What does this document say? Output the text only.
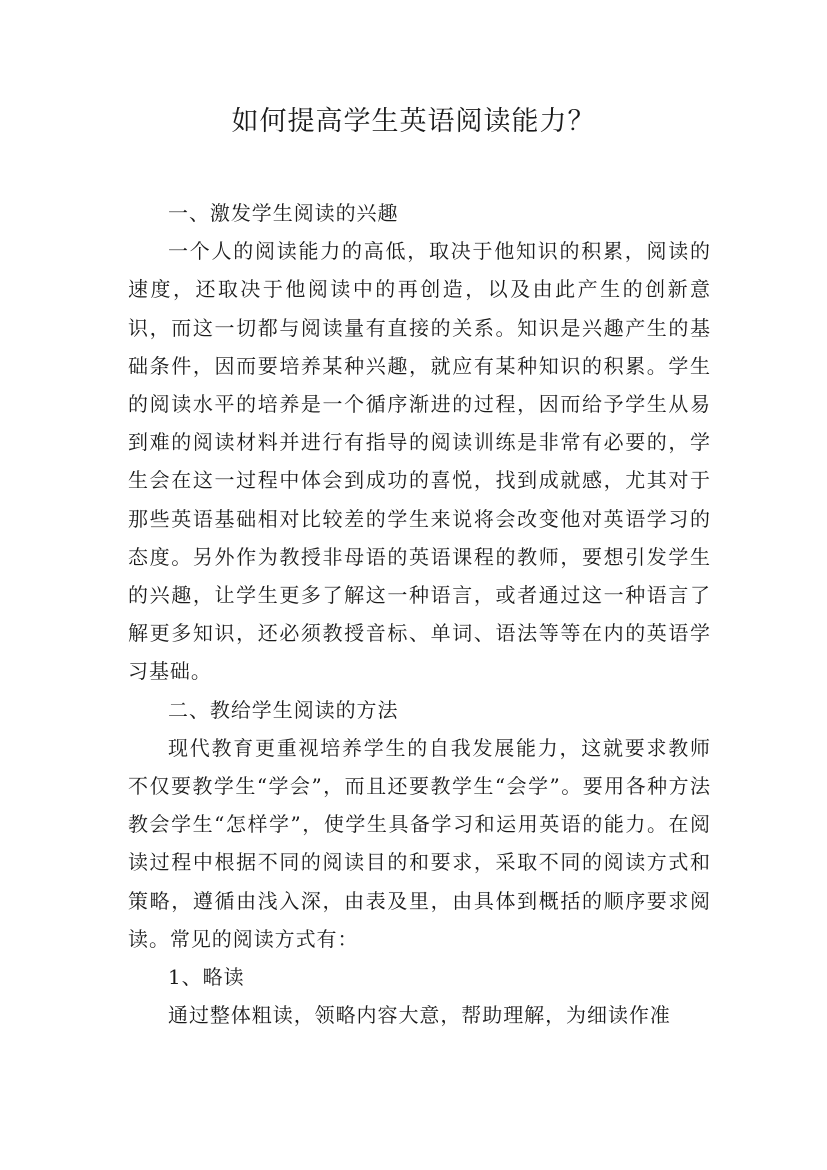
如何提高学生英语阅读能力？

一、激发学生阅读的兴趣

一个人的阅读能力的高低，取决于他知识的积累，阅读的速度，还取决于他阅读中的再创造，以及由此产生的创新意识，而这一切都与阅读量有直接的关系。知识是兴趣产生的基础条件，因而要培养某种兴趣，就应有某种知识的积累。学生的阅读水平的培养是一个循序渐进的过程，因而给予学生从易到难的阅读材料并进行有指导的阅读训练是非常有必要的，学生会在这一过程中体会到成功的喜悦，找到成就感，尤其对于那些英语基础相对比较差的学生来说将会改变他对英语学习的态度。另外作为教授非母语的英语课程的教师，要想引发学生的兴趣，让学生更多了解这一种语言，或者通过这一种语言了解更多知识，还必须教授音标、单词、语法等等在内的英语学习基础。

二、教给学生阅读的方法

现代教育更重视培养学生的自我发展能力，这就要求教师不仅要教学生“学会”，而且还要教学生“会学”。要用各种方法教会学生“怎样学”，使学生具备学习和运用英语的能力。在阅读过程中根据不同的阅读目的和要求，采取不同的阅读方式和策略，遵循由浅入深，由表及里，由具体到概括的顺序要求阅读。常见的阅读方式有：

1、略读

通过整体粗读，领略内容大意，帮助理解，为细读作准
